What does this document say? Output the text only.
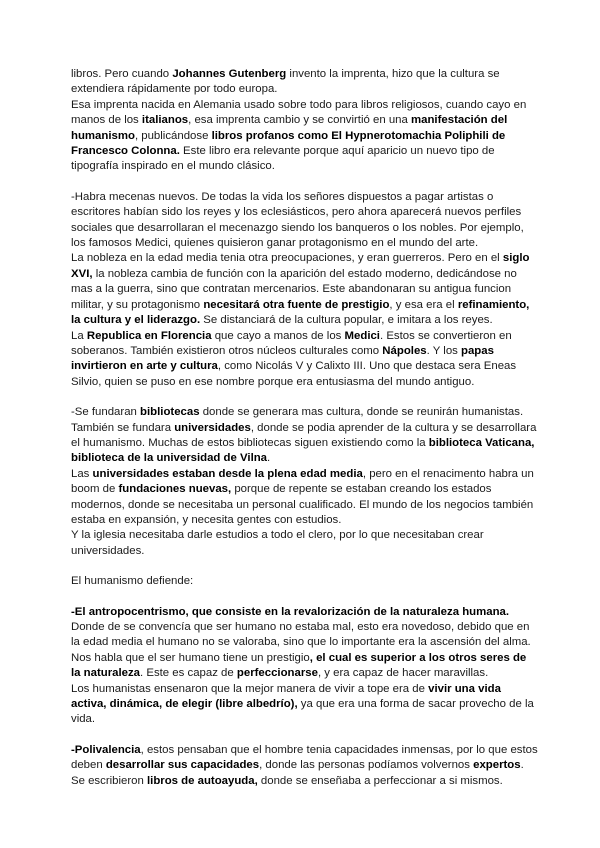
libros. Pero cuando Johannes Gutenberg invento la imprenta, hizo que la cultura se
extendiera rápidamente por todo europa.
Esa imprenta nacida en Alemania usado sobre todo para libros religiosos, cuando cayo en
manos de los italianos, esa imprenta cambio y se convirtió en una manifestación del
humanismo, publicándose libros profanos como El Hypnerotomachia Poliphili de
Francesco Colonna. Este libro era relevante porque aquí aparicio un nuevo tipo de
tipografía inspirado en el mundo clásico.
-Habra mecenas nuevos. De todas la vida los señores dispuestos a pagar artistas o
escritores habían sido los reyes y los eclesiásticos, pero ahora aparecerá nuevos perfiles
sociales que desarrollaran el mecenazgo siendo los banqueros o los nobles. Por ejemplo,
los famosos Medici, quienes quisieron ganar protagonismo en el mundo del arte.
La nobleza en la edad media tenia otra preocupaciones, y eran guerreros. Pero en el siglo
XVI, la nobleza cambia de función con la aparición del estado moderno, dedicándose no
mas a la guerra, sino que contratan mercenarios. Este abandonaran su antigua funcion
militar, y su protagonismo necesitará otra fuente de prestigio, y esa era el refinamiento,
la cultura y el liderazgo. Se distanciará de la cultura popular, e imitara a los reyes.
La Republica en Florencia que cayo a manos de los Medici. Estos se convertieron en
soberanos. También existieron otros núcleos culturales como Nápoles. Y los papas
invirtieron en arte y cultura, como Nicolás V y Calixto III. Uno que destaca sera Eneas
Silvio, quien se puso en ese nombre porque era entusiasma del mundo antiguo.
-Se fundaran bibliotecas donde se generara mas cultura, donde se reunirán humanistas.
También se fundara universidades, donde se podia aprender de la cultura y se desarrollara
el humanismo. Muchas de estos bibliotecas siguen existiendo como la biblioteca Vaticana,
biblioteca de la universidad de Vilna.
Las universidades estaban desde la plena edad media, pero en el renacimento habra un
boom de fundaciones nuevas, porque de repente se estaban creando los estados
modernos, donde se necesitaba un personal cualificado. El mundo de los negocios también
estaba en expansión, y necesita gentes con estudios.
Y la iglesia necesitaba darle estudios a todo el clero, por lo que necesitaban crear
universidades.
El humanismo defiende:
-El antropocentrismo, que consiste en la revalorización de la naturaleza humana.
Donde de se convencía que ser humano no estaba mal, esto era novedoso, debido que en
la edad media el humano no se valoraba, sino que lo importante era la ascensión del alma.
Nos habla que el ser humano tiene un prestigio, el cual es superior a los otros seres de
la naturaleza. Este es capaz de perfeccionarse, y era capaz de hacer maravillas.
Los humanistas ensenaron que la mejor manera de vivir a tope era de vivir una vida
activa, dinámica, de elegir (libre albedrío), ya que era una forma de sacar provecho de la
vida.
-Polivalencia, estos pensaban que el hombre tenia capacidades inmensas, por lo que estos
deben desarrollar sus capacidades, donde las personas podíamos volvernos expertos.
Se escribieron libros de autoayuda, donde se enseñaba a perfeccionar a si mismos.
